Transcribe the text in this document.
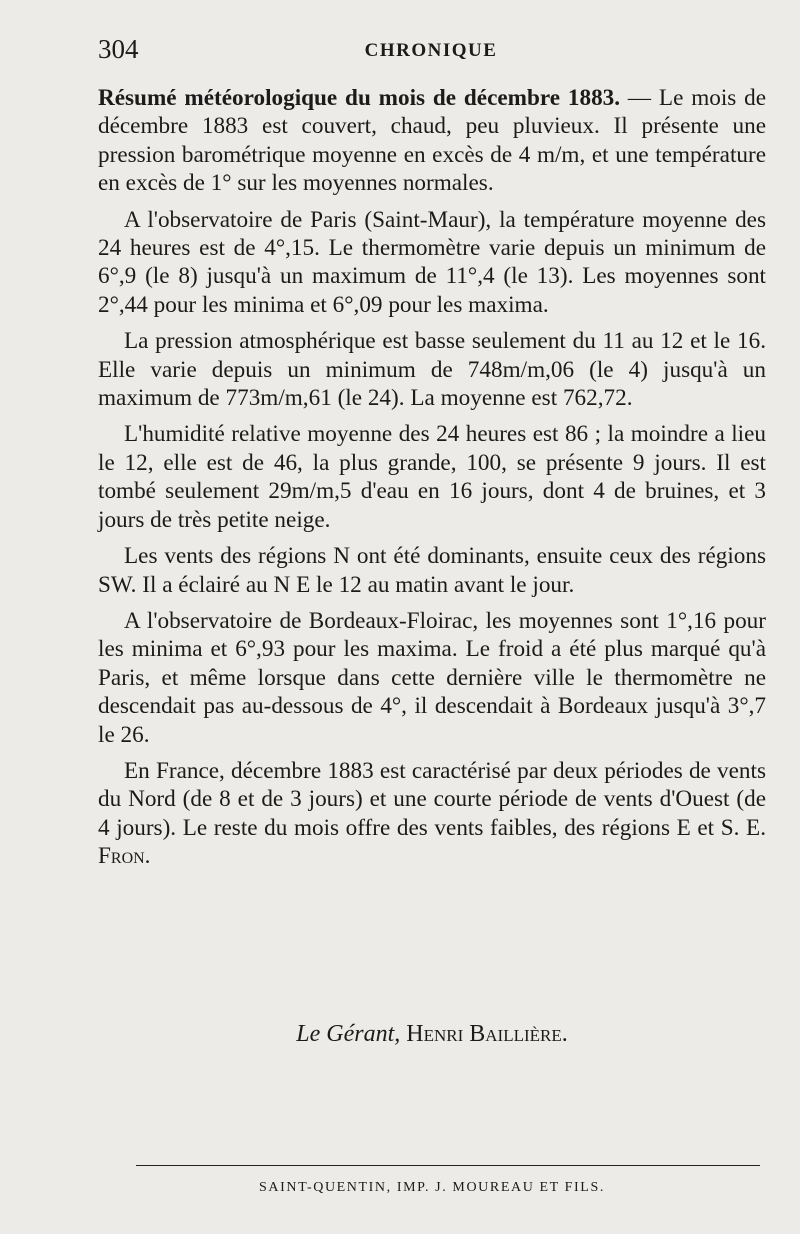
304	CHRONIQUE

Résumé météorologique du mois de décembre 1883. — Le mois de décembre 1883 est couvert, chaud, peu pluvieux. Il présente une pression barométrique moyenne en excès de 4 m/m, et une température en excès de 1° sur les moyennes normales.

A l'observatoire de Paris (Saint-Maur), la température moyenne des 24 heures est de 4°,15. Le thermomètre varie depuis un minimum de 6°,9 (le 8) jusqu'à un maximum de 11°,4 (le 13). Les moyennes sont 2°,44 pour les minima et 6°,09 pour les maxima.

La pression atmosphérique est basse seulement du 11 au 12 et le 16. Elle varie depuis un minimum de 748m/m,06 (le 4) jusqu'à un maximum de 773m/m,61 (le 24). La moyenne est 762,72.

L'humidité relative moyenne des 24 heures est 86 ; la moindre a lieu le 12, elle est de 46, la plus grande, 100, se présente 9 jours. Il est tombé seulement 29m/m,5 d'eau en 16 jours, dont 4 de bruines, et 3 jours de très petite neige.

Les vents des régions N ont été dominants, ensuite ceux des régions SW. Il a éclairé au N E le 12 au matin avant le jour.

A l'observatoire de Bordeaux-Floirac, les moyennes sont 1°,16 pour les minima et 6°,93 pour les maxima. Le froid a été plus marqué qu'à Paris, et même lorsque dans cette dernière ville le thermomètre ne descendait pas au-dessous de 4°, il descendait à Bordeaux jusqu'à 3°,7 le 26.

En France, décembre 1883 est caractérisé par deux périodes de vents du Nord (de 8 et de 3 jours) et une courte période de vents d'Ouest (de 4 jours). Le reste du mois offre des vents faibles, des régions E et S. E. Fron.

Le Gérant, Henri Baillière.
SAINT-QUENTIN, IMP. J. MOUREAU ET FILS.
